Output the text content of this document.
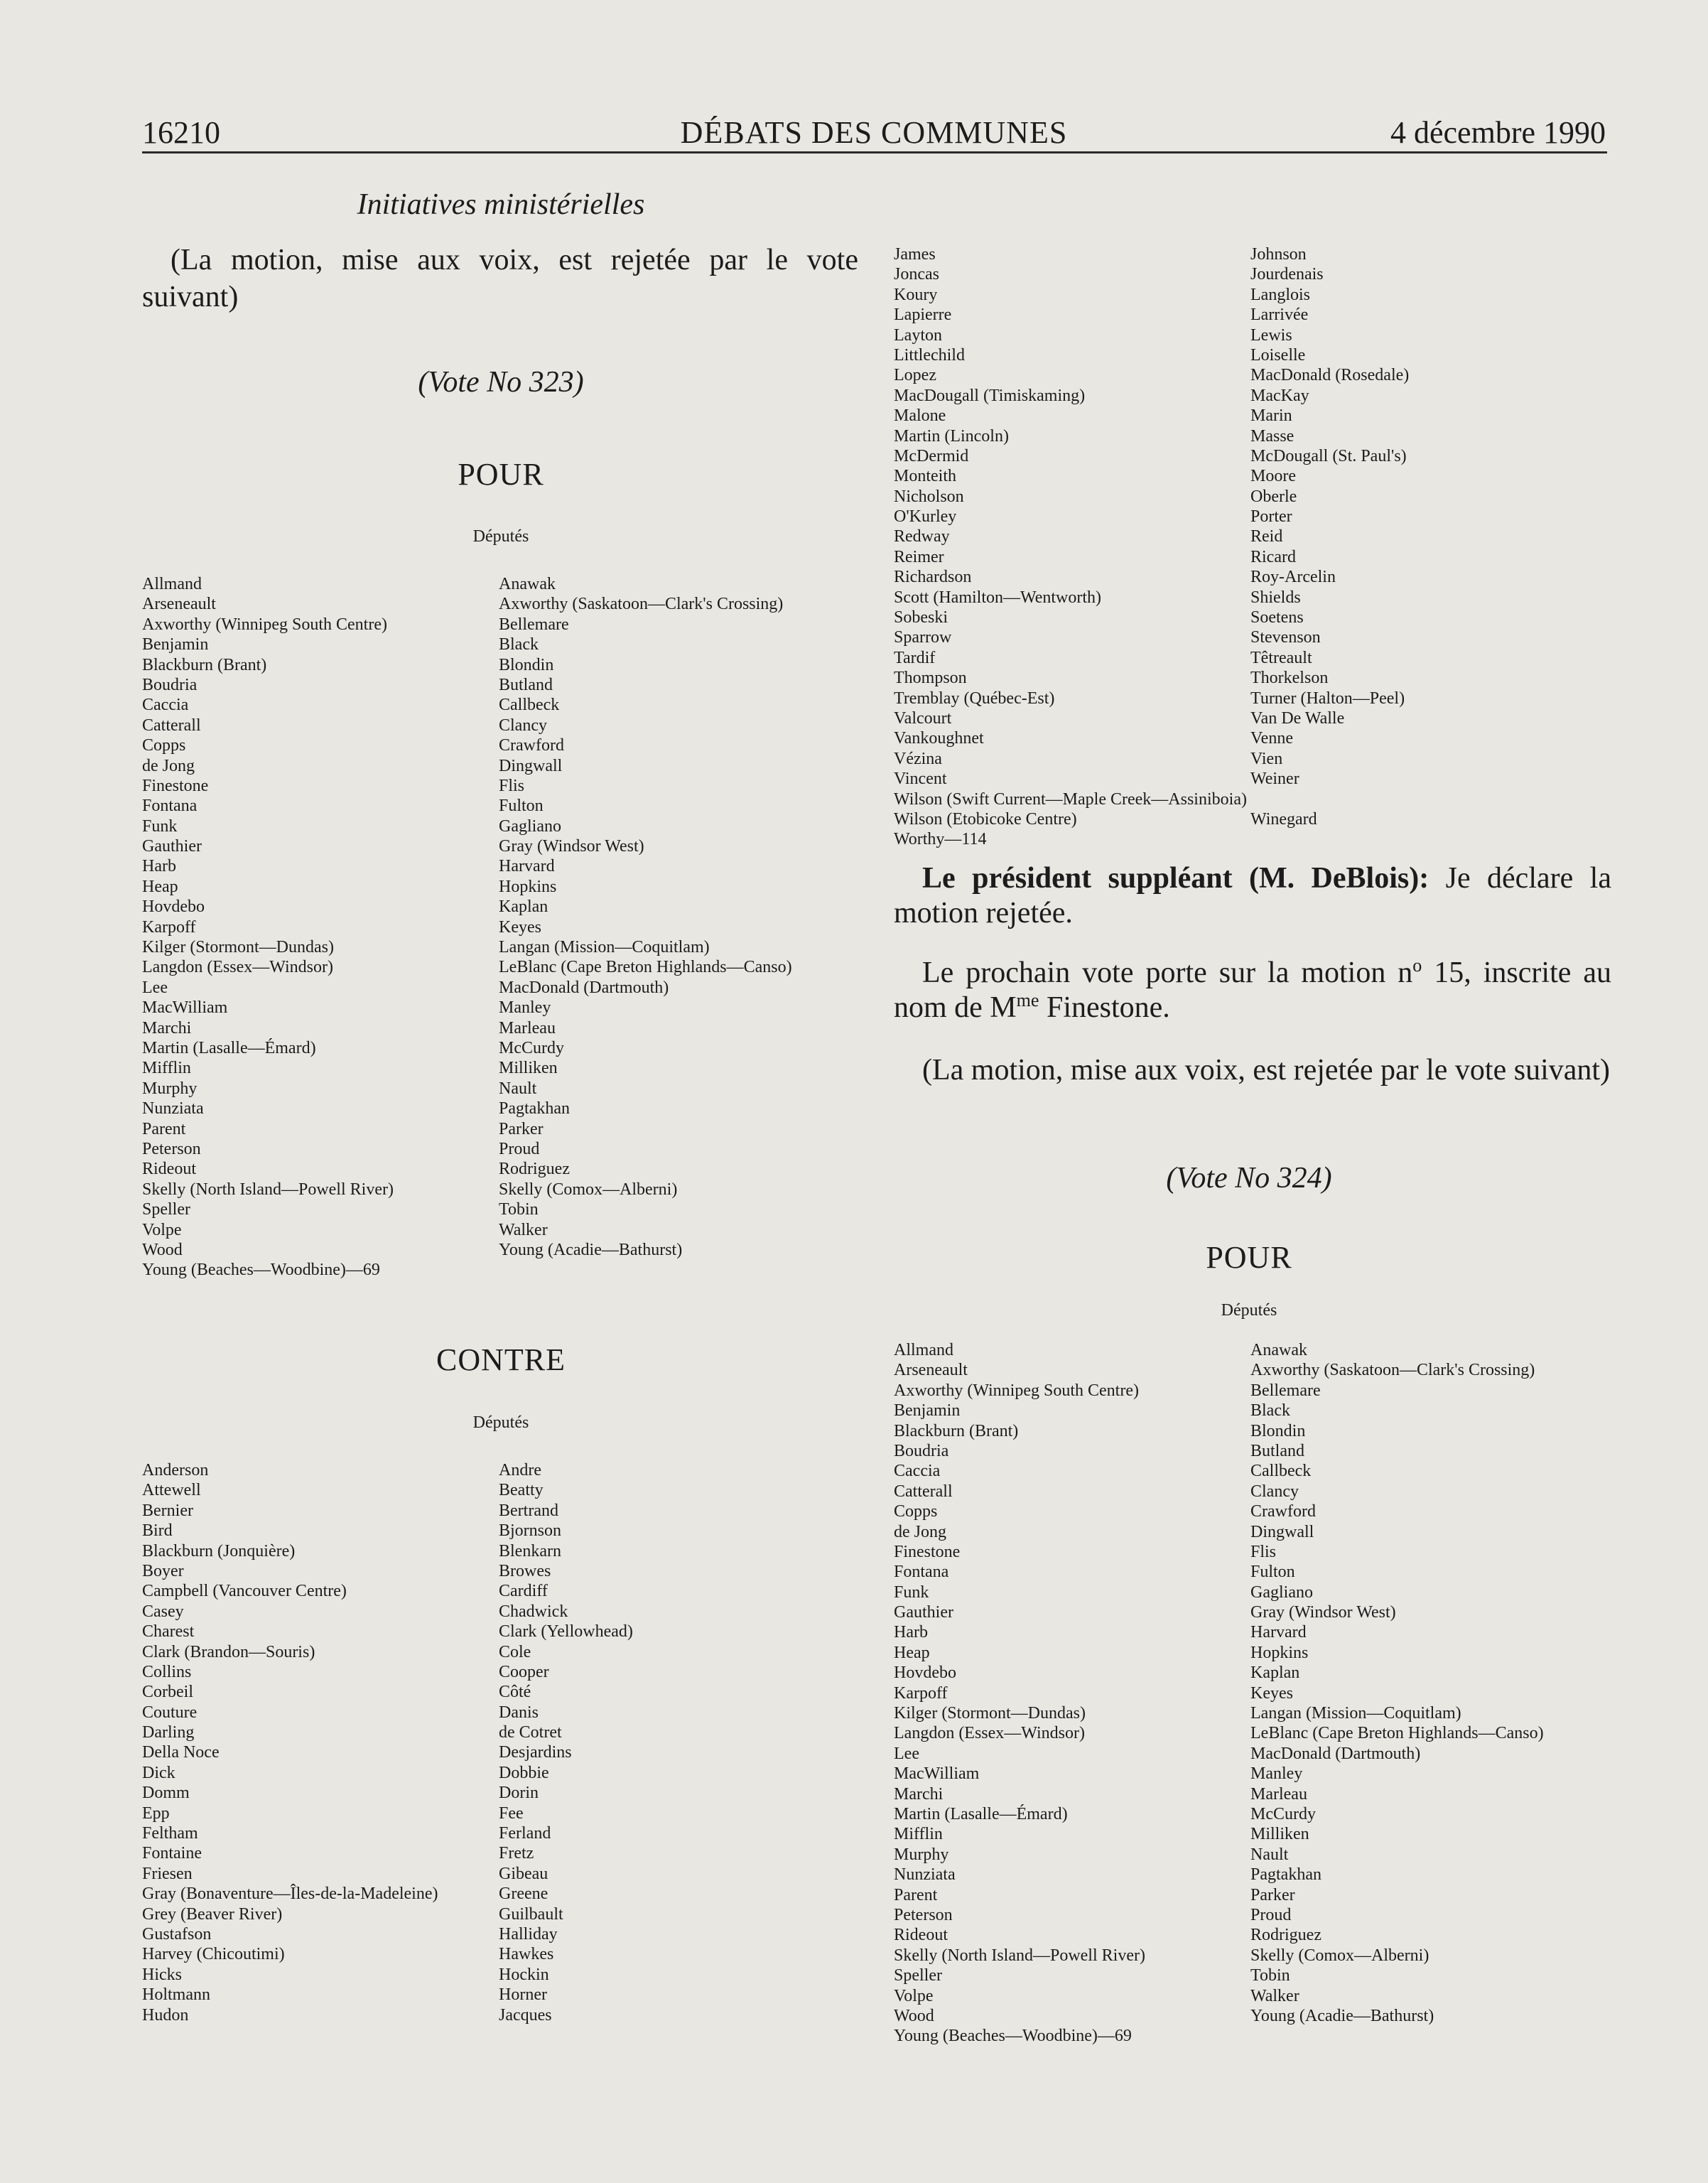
16210	DÉBATS DES COMMUNES	4 décembre 1990
Initiatives ministérielles
(La motion, mise aux voix, est rejetée par le vote suivant)
(Vote No 323)
POUR
Députés
Allmand	Anawak
Arseneault	Axworthy (Saskatoon—Clark's Crossing)
Axworthy (Winnipeg South Centre)	Bellemare
Benjamin	Black
Blackburn (Brant)	Blondin
Boudria	Butland
Caccia	Callbeck
Catterall	Clancy
Copps	Crawford
de Jong	Dingwall
Finestone	Flis
Fontana	Fulton
Funk	Gagliano
Gauthier	Gray (Windsor West)
Harb	Harvard
Heap	Hopkins
Hovdebo	Kaplan
Karpoff	Keyes
Kilger (Stormont—Dundas)	Langan (Mission—Coquitlam)
Langdon (Essex—Windsor)	LeBlanc (Cape Breton Highlands—Canso)
Lee	MacDonald (Dartmouth)
MacWilliam	Manley
Marchi	Marleau
Martin (Lasalle—Émard)	McCurdy
Mifflin	Milliken
Murphy	Nault
Nunziata	Pagtakhan
Parent	Parker
Peterson	Proud
Rideout	Rodriguez
Skelly (North Island—Powell River)	Skelly (Comox—Alberni)
Speller	Tobin
Volpe	Walker
Wood	Young (Acadie—Bathurst)
Young (Beaches—Woodbine)—69
CONTRE
Députés
Anderson	Andre
Attewell	Beatty
Bernier	Bertrand
Bird	Bjornson
Blackburn (Jonquière)	Blenkarn
Boyer	Browes
Campbell (Vancouver Centre)	Cardiff
Casey	Chadwick
Charest	Clark (Yellowhead)
Clark (Brandon—Souris)	Cole
Collins	Cooper
Corbeil	Côté
Couture	Danis
Darling	de Cotret
Della Noce	Desjardins
Dick	Dobbie
Domm	Dorin
Epp	Fee
Feltham	Ferland
Fontaine	Fretz
Friesen	Gibeau
Gray (Bonaventure—Îles-de-la-Madeleine)	Greene
Grey (Beaver River)	Guilbault
Gustafson	Halliday
Harvey (Chicoutimi)	Hawkes
Hicks	Hockin
Holtmann	Horner
Hudon	Jacques
James	Johnson
Joncas	Jourdenais
Koury	Langlois
Lapierre	Larrivée
Layton	Lewis
Littlechild	Loiselle
Lopez	MacDonald (Rosedale)
MacDougall (Timiskaming)	MacKay
Malone	Marin
Martin (Lincoln)	Masse
McDermid	McDougall (St. Paul's)
Monteith	Moore
Nicholson	Oberle
O'Kurley	Porter
Redway	Reid
Reimer	Ricard
Richardson	Roy-Arcelin
Scott (Hamilton—Wentworth)	Shields
Sobeski	Soetens
Sparrow	Stevenson
Tardif	Têtreault
Thompson	Thorkelson
Tremblay (Québec-Est)	Turner (Halton—Peel)
Valcourt	Van De Walle
Vankoughnet	Venne
Vézina	Vien
Vincent	Weiner
Wilson (Swift Current—Maple Creek—Assiniboia)
Wilson (Etobicoke Centre)	Winegard
Worthy—114
Le président suppléant (M. DeBlois): Je déclare la motion rejetée.
Le prochain vote porte sur la motion $n^o$ 15, inscrite au nom de $M^{me}$ Finestone.
(La motion, mise aux voix, est rejetée par le vote suivant)
(Vote No 324)
POUR
Députés
Allmand	Anawak
Arseneault	Axworthy (Saskatoon—Clark's Crossing)
Axworthy (Winnipeg South Centre)	Bellemare
Benjamin	Black
Blackburn (Brant)	Blondin
Boudria	Butland
Caccia	Callbeck
Catterall	Clancy
Copps	Crawford
de Jong	Dingwall
Finestone	Flis
Fontana	Fulton
Funk	Gagliano
Gauthier	Gray (Windsor West)
Harb	Harvard
Heap	Hopkins
Hovdebo	Kaplan
Karpoff	Keyes
Kilger (Stormont—Dundas)	Langan (Mission—Coquitlam)
Langdon (Essex—Windsor)	LeBlanc (Cape Breton Highlands—Canso)
Lee	MacDonald (Dartmouth)
MacWilliam	Manley
Marchi	Marleau
Martin (Lasalle—Émard)	McCurdy
Mifflin	Milliken
Murphy	Nault
Nunziata	Pagtakhan
Parent	Parker
Peterson	Proud
Rideout	Rodriguez
Skelly (North Island—Powell River)	Skelly (Comox—Alberni)
Speller	Tobin
Volpe	Walker
Wood	Young (Acadie—Bathurst)
Young (Beaches—Woodbine)—69
